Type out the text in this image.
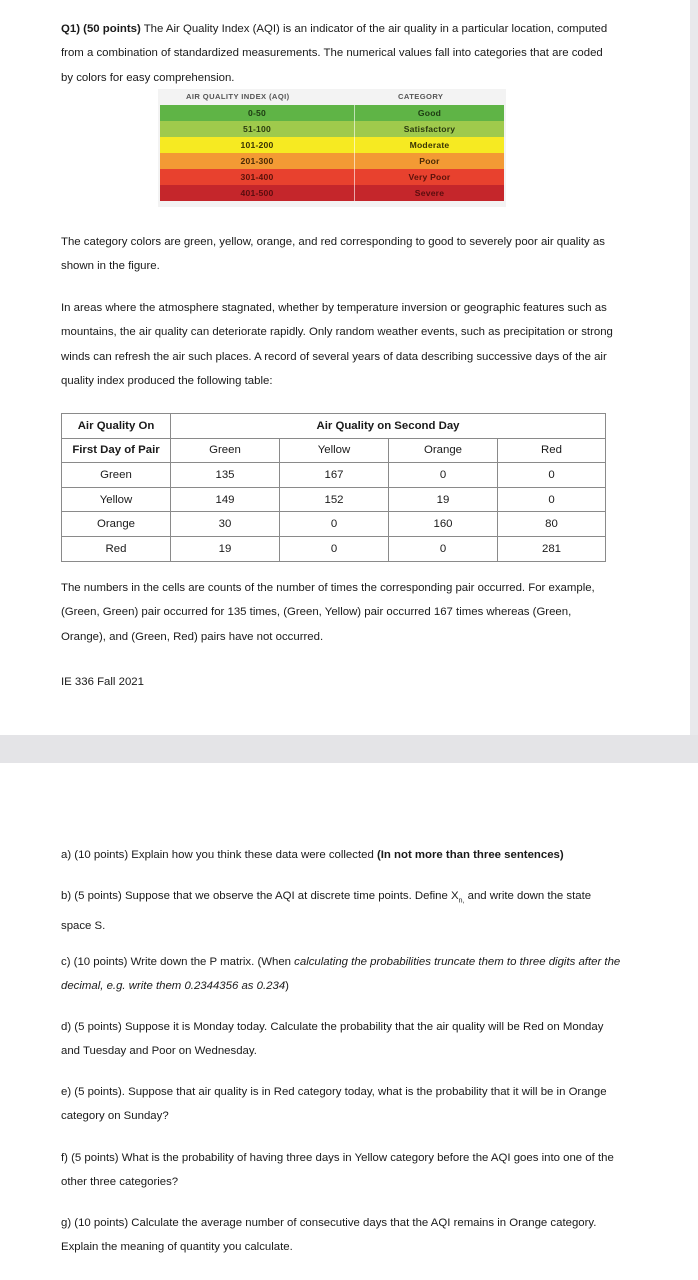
Q1) (50 points) The Air Quality Index (AQI) is an indicator of the air quality in a particular location, computed from a combination of standardized measurements. The numerical values fall into categories that are coded by colors for easy comprehension.

AIR QUALITY INDEX (AQI)	CATEGORY
0-50	Good
51-100	Satisfactory
101-200	Moderate
201-300	Poor
301-400	Very Poor
401-500	Severe

The category colors are green, yellow, orange, and red corresponding to good to severely poor air quality as shown in the figure.

In areas where the atmosphere stagnated, whether by temperature inversion or geographic features such as mountains, the air quality can deteriorate rapidly. Only random weather events, such as precipitation or strong winds can refresh the air such places. A record of several years of data describing successive days of the air quality index produced the following table:

Air Quality On	Air Quality on Second Day			
First Day of Pair	Green	Yellow	Orange	Red
Green	135	167	0	0
Yellow	149	152	19	0
Orange	30	0	160	80
Red	19	0	0	281

The numbers in the cells are counts of the number of times the corresponding pair occurred. For example, (Green, Green) pair occurred for 135 times, (Green, Yellow) pair occurred 167 times whereas (Green, Orange), and (Green, Red) pairs have not occurred.

IE 336 Fall 2021

a) (10 points) Explain how you think these data were collected (In not more than three sentences)

b) (5 points) Suppose that we observe the AQI at discrete time points. Define $X_{n,}$ and write down the state space S.

c) (10 points) Write down the P matrix. (When calculating the probabilities truncate them to three digits after the decimal, e.g. write them 0.2344356 as 0.234)

d) (5 points) Suppose it is Monday today. Calculate the probability that the air quality will be Red on Monday and Tuesday and Poor on Wednesday.

e) (5 points). Suppose that air quality is in Red category today, what is the probability that it will be in Orange category on Sunday?

f) (5 points) What is the probability of having three days in Yellow category before the AQI goes into one of the other three categories?

g) (10 points) Calculate the average number of consecutive days that the AQI remains in Orange category. Explain the meaning of quantity you calculate.
